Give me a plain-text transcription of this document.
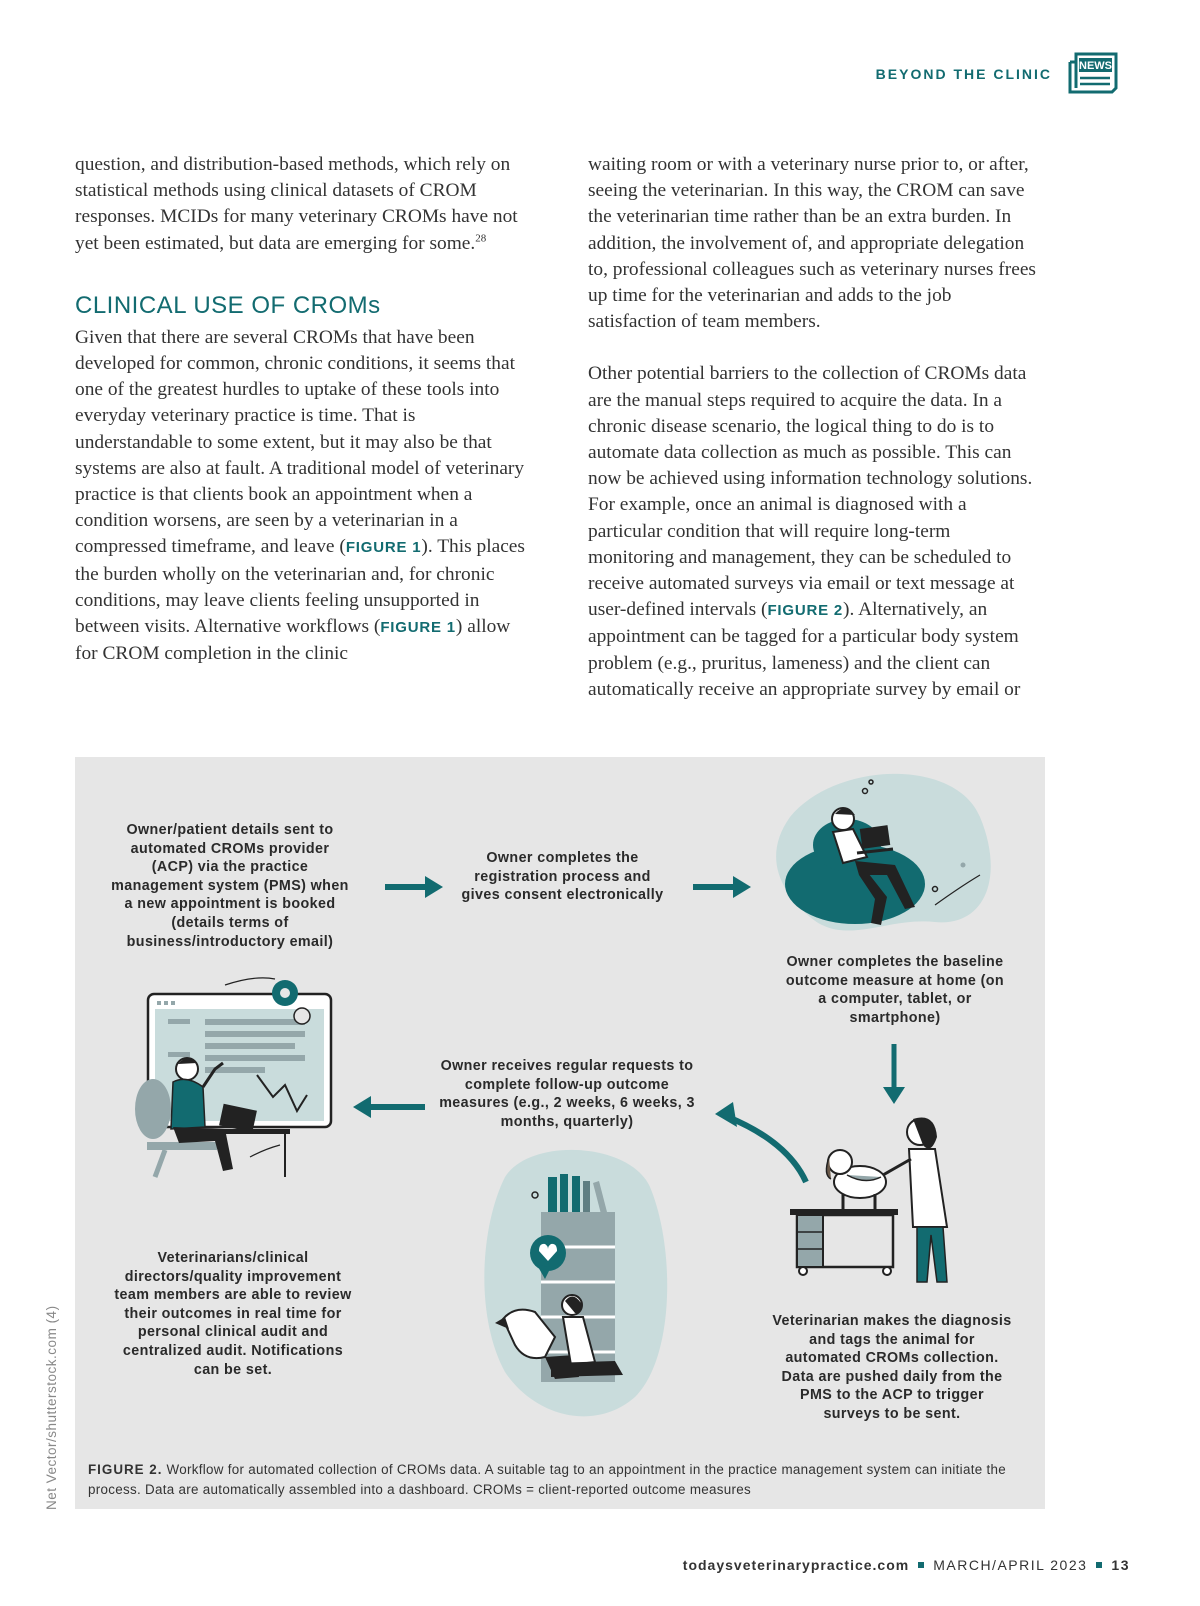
BEYOND THE CLINIC NEWS

question, and distribution-based methods, which rely on statistical methods using clinical datasets of CROM responses. MCIDs for many veterinary CROMs have not yet been estimated, but data are emerging for some.$^{28}$

CLINICAL USE OF CROMs

Given that there are several CROMs that have been developed for common, chronic conditions, it seems that one of the greatest hurdles to uptake of these tools into everyday veterinary practice is time. That is understandable to some extent, but it may also be that systems are also at fault. A traditional model of veterinary practice is that clients book an appointment when a condition worsens, are seen by a veterinarian in a compressed timeframe, and leave (FIGURE 1). This places the burden wholly on the veterinarian and, for chronic conditions, may leave clients feeling unsupported in between visits. Alternative workflows (FIGURE 1) allow for CROM completion in the clinic

waiting room or with a veterinary nurse prior to, or after, seeing the veterinarian. In this way, the CROM can save the veterinarian time rather than be an extra burden. In addition, the involvement of, and appropriate delegation to, professional colleagues such as veterinary nurses frees up time for the veterinarian and adds to the job satisfaction of team members.

Other potential barriers to the collection of CROMs data are the manual steps required to acquire the data. In a chronic disease scenario, the logical thing to do is to automate data collection as much as possible. This can now be achieved using information technology solutions. For example, once an animal is diagnosed with a particular condition that will require long-term monitoring and management, they can be scheduled to receive automated surveys via email or text message at user-defined intervals (FIGURE 2). Alternatively, an appointment can be tagged for a particular body system problem (e.g., pruritus, lameness) and the client can automatically receive an appropriate survey by email or

Owner/patient details sent to automated CROMs provider (ACP) via the practice management system (PMS) when a new appointment is booked (details terms of business/introductory email)
Owner completes the registration process and gives consent electronically
Owner completes the baseline outcome measure at home (on a computer, tablet, or smartphone)
Veterinarian makes the diagnosis and tags the animal for automated CROMs collection. Data are pushed daily from the PMS to the ACP to trigger surveys to be sent.
Owner receives regular requests to complete follow-up outcome measures (e.g., 2 weeks, 6 weeks, 3 months, quarterly)
Veterinarians/clinical directors/quality improvement team members are able to review their outcomes in real time for personal clinical audit and centralized audit. Notifications can be set.
FIGURE 2. Workflow for automated collection of CROMs data. A suitable tag to an appointment in the practice management system can initiate the process. Data are automatically assembled into a dashboard. CROMs = client-reported outcome measures
Net Vector/shutterstock.com (4)
todaysveterinarypractice.com MARCH/APRIL 2023 13
